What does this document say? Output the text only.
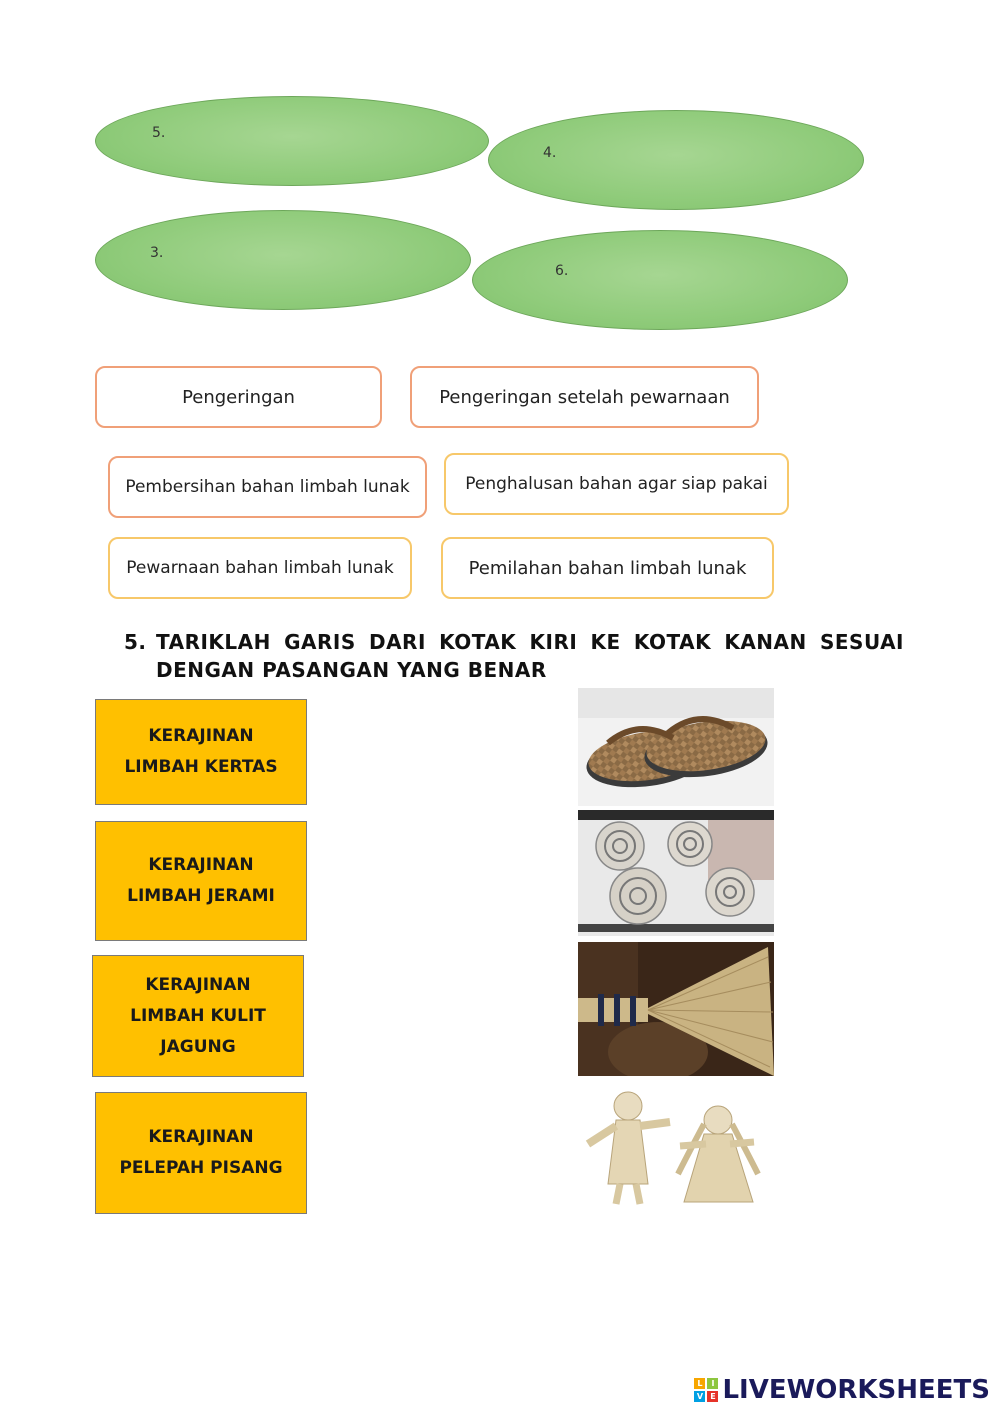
5.
4.
3.
6.
Pengeringan	Pengeringan setelah pewarnaan
Pembersihan bahan limbah lunak	Penghalusan bahan agar siap pakai
Pewarnaan bahan limbah lunak	Pemilahan bahan limbah lunak
5. TARIKLAH GARIS DARI KOTAK KIRI KE KOTAK KANAN SESUAI DENGAN PASANGAN YANG BENAR
KERAJINAN LIMBAH KERTAS
KERAJINAN LIMBAH JERAMI
KERAJINAN LIMBAH KULIT JAGUNG
KERAJINAN PELEPAH PISANG
L	I
V E LIVEWORKSHEETS
